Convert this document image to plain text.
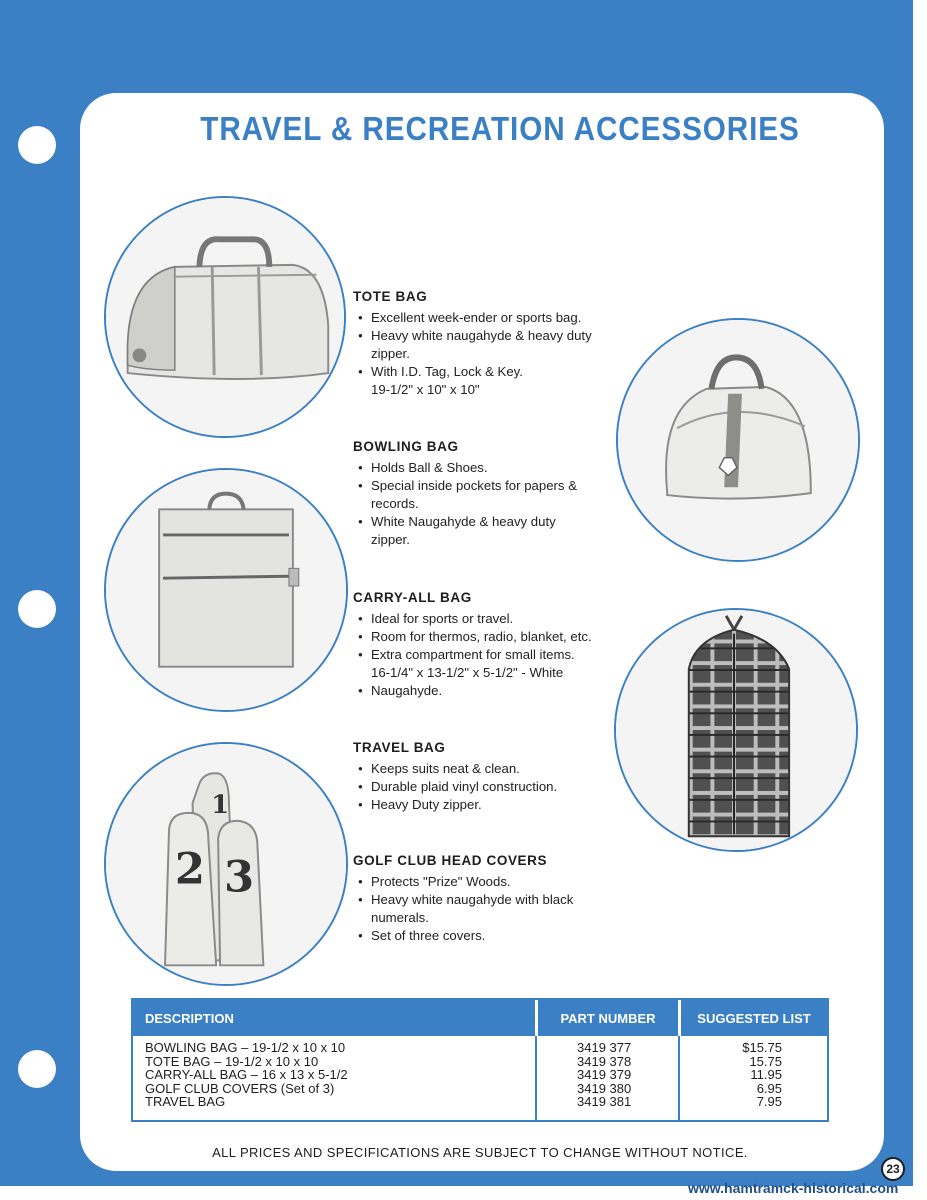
TRAVEL & RECREATION ACCESSORIES
1
2 3
TOTE BAG
● Excellent week-ender or sports bag.
● Heavy white naugahyde & heavy duty
zipper.
● With I.D. Tag, Lock & Key.
19-1/2" x 10" x 10"
BOWLING BAG
● Holds Ball & Shoes.
● Special inside pockets for papers &
records.
● White Naugahyde & heavy duty
zipper.
CARRY-ALL BAG
● Ideal for sports or travel.
● Room for thermos, radio, blanket, etc.
● Extra compartment for small items.
16-1/4" x 13-1/2" x 5-1/2" - White
● Naugahyde.
TRAVEL BAG
● Keeps suits neat & clean.
● Durable plaid vinyl construction.
● Heavy Duty zipper.
GOLF CLUB HEAD COVERS
● Protects "Prize" Woods.
● Heavy white naugahyde with black
numerals.
● Set of three covers.
DESCRIPTION	PART NUMBER	SUGGESTED LIST
BOWLING BAG – 19-1/2 x 10 x 10
TOTE BAG – 19-1/2 x 10 x 10
CARRY-ALL BAG – 16 x 13 x 5-1/2
GOLF CLUB COVERS (Set of 3)
TRAVEL BAG
3419 377
3419 378
3419 379
3419 380
3419 381
$15.75
15.75
11.95
6.95
7.95
ALL PRICES AND SPECIFICATIONS ARE SUBJECT TO CHANGE WITHOUT NOTICE.
23
www.hamtramck-historical.com
